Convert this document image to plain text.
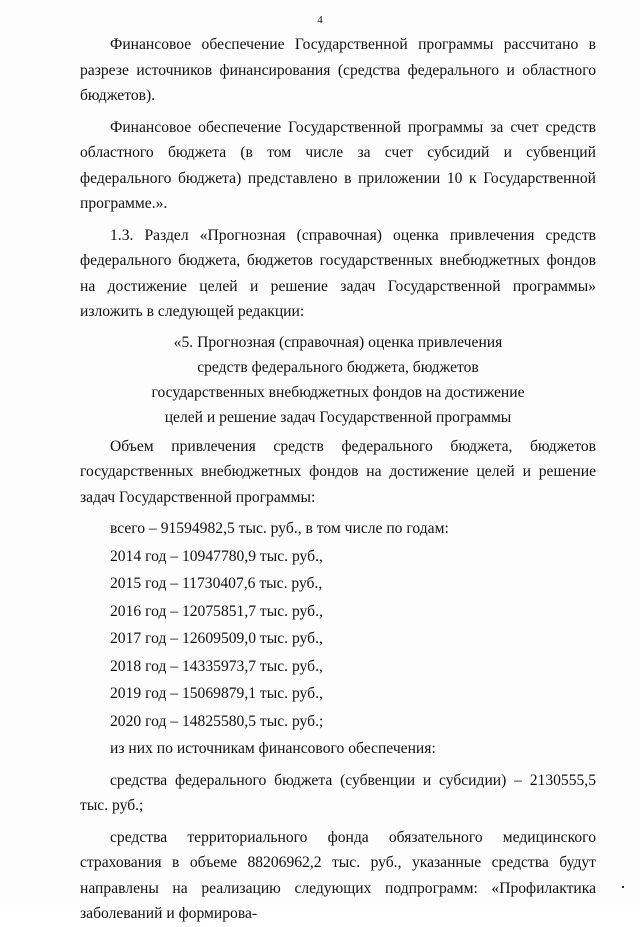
4

Финансовое обеспечение Государственной программы рассчитано в разрезе источников финансирования (средства федерального и областного бюджетов).

Финансовое обеспечение Государственной программы за счет средств областного бюджета (в том числе за счет субсидий и субвенций федерального бюджета) представлено в приложении 10 к Государственной программе.».

1.3. Раздел «Прогнозная (справочная) оценка привлечения средств федерального бюджета, бюджетов государственных внебюджетных фондов на достижение целей и решение задач Государственной программы» изложить в следующей редакции:

«5. Прогнозная (справочная) оценка привлечения

средств федерального бюджета, бюджетов

государственных внебюджетных фондов на достижение

целей и решение задач Государственной программы

Объем привлечения средств федерального бюджета, бюджетов государственных внебюджетных фондов на достижение целей и решение задач Государственной программы:

всего – 91594982,5 тыс. руб., в том числе по годам:

2014 год – 10947780,9 тыс. руб.,

2015 год – 11730407,6 тыс. руб.,

2016 год – 12075851,7 тыс. руб.,

2017 год – 12609509,0 тыс. руб.,

2018 год – 14335973,7 тыс. руб.,

2019 год – 15069879,1 тыс. руб.,

2020 год – 14825580,5 тыс. руб.;

из них по источникам финансового обеспечения:

средства федерального бюджета (субвенции и субсидии) – 2130555,5 тыс. руб.;

средства территориального фонда обязательного медицинского страхования в объеме 88206962,2 тыс. руб., указанные средства будут направлены на реализацию следующих подпрограмм: «Профилактика заболеваний и формирова-
